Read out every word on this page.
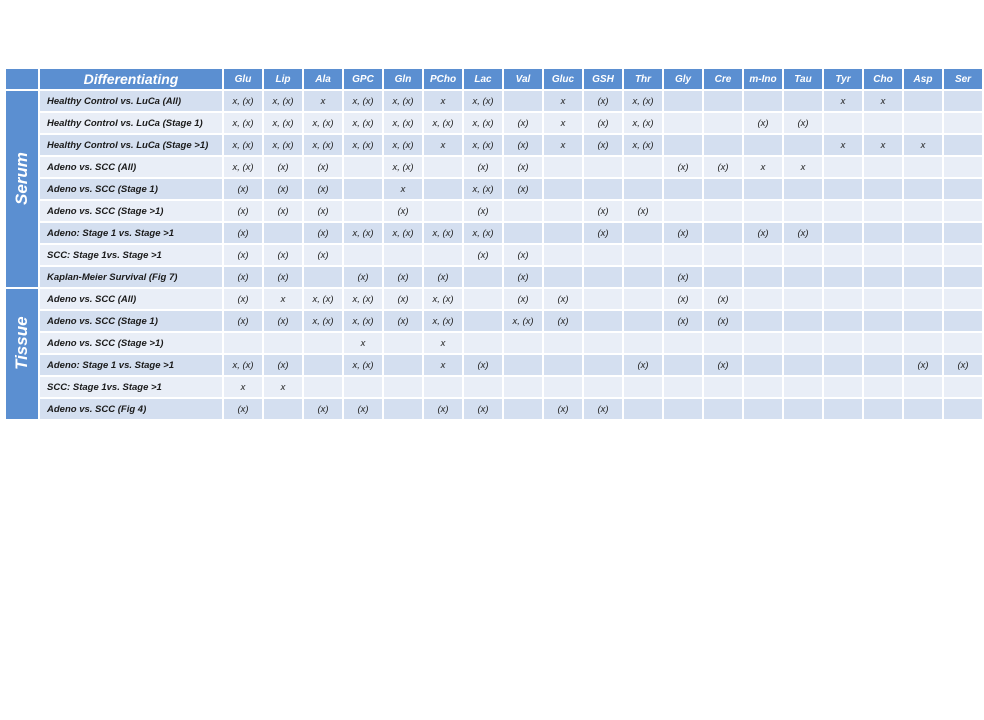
	Differentiating	Glu	Lip	Ala	GPC	Gln	PCho	Lac	Val	Gluc	GSH	Thr	Gly	Cre	m-Ino	Tau	Tyr	Cho	Asp	Ser

Serum	Healthy Control vs. LuCa (All)	x, (x)	x, (x)	x	x, (x)	x, (x)	x	x, (x)		x	(x)	x, (x)					x	x		
	Healthy Control vs. LuCa (Stage 1)	x, (x)	x, (x)	x, (x)	x, (x)	x, (x)	x, (x)	x, (x)	(x)	x	(x)	x, (x)			(x)	(x)				
	Healthy Control vs. LuCa (Stage >1)	x, (x)	x, (x)	x, (x)	x, (x)	x, (x)	x	x, (x)	(x)	x	(x)	x, (x)					x	x	x	
	Adeno vs. SCC (All)	x, (x)	(x)	(x)		x, (x)		(x)	(x)				(x)	(x)	x	x				
	Adeno vs. SCC (Stage 1)	(x)	(x)	(x)		x		x, (x)	(x)											
	Adeno vs. SCC (Stage >1)	(x)	(x)	(x)		(x)		(x)			(x)	(x)								
	Adeno: Stage 1 vs. Stage >1	(x)		(x)	x, (x)	x, (x)	x, (x)	x, (x)			(x)		(x)		(x)	(x)				
	SCC: Stage 1vs. Stage >1	(x)	(x)	(x)				(x)	(x)											
	Kaplan-Meier Survival (Fig 7)	(x)	(x)		(x)	(x)	(x)		(x)				(x)							

Tissue	Adeno vs. SCC (All)	(x)	x	x, (x)	x, (x)	(x)	x, (x)		(x)	(x)			(x)	(x)						
	Adeno vs. SCC (Stage 1)	(x)	(x)	x, (x)	x, (x)	(x)	x, (x)		x, (x)	(x)			(x)	(x)						
	Adeno vs. SCC (Stage >1)				x		x													
	Adeno: Stage 1 vs. Stage >1	x, (x)	(x)		x, (x)		x	(x)				(x)		(x)					(x)	(x)
	SCC: Stage 1vs. Stage >1	x	x																	
	Adeno vs. SCC (Fig 4)	(x)		(x)	(x)		(x)	(x)		(x)	(x)									
